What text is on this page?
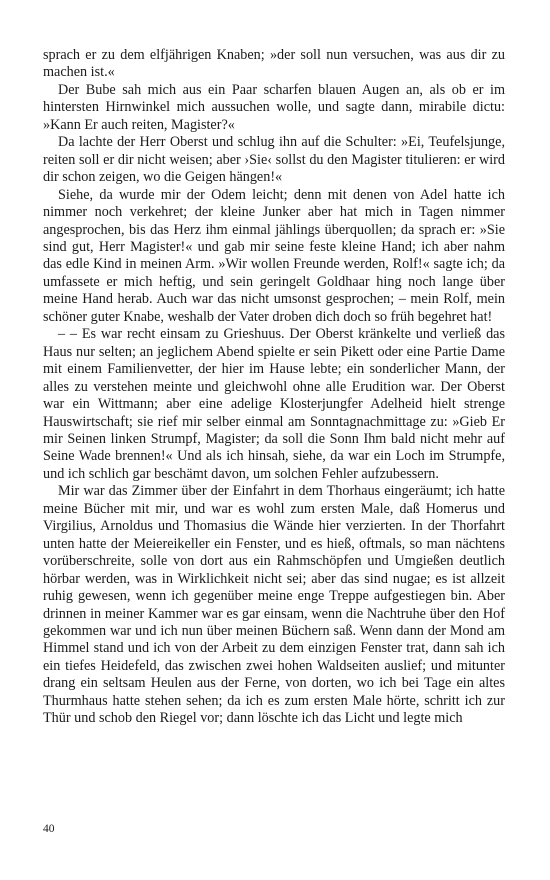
sprach er zu dem elfjährigen Knaben; »der soll nun versuchen, was aus dir zu machen ist.«

Der Bube sah mich aus ein Paar scharfen blauen Augen an, als ob er im hintersten Hirnwinkel mich aussuchen wolle, und sagte dann, mirabile dictu: »Kann Er auch reiten, Magister?«

Da lachte der Herr Oberst und schlug ihn auf die Schulter: »Ei, Teufelsjunge, reiten soll er dir nicht weisen; aber ›Sie‹ sollst du den Magister titulieren: er wird dir schon zeigen, wo die Geigen hängen!«

Siehe, da wurde mir der Odem leicht; denn mit denen von Adel hatte ich nimmer noch verkehret; der kleine Junker aber hat mich in Tagen nimmer angesprochen, bis das Herz ihm einmal jählings überquollen; da sprach er: »Sie sind gut, Herr Magister!« und gab mir seine feste kleine Hand; ich aber nahm das edle Kind in meinen Arm. »Wir wollen Freunde werden, Rolf!« sagte ich; da umfassete er mich heftig, und sein geringelt Goldhaar hing noch lange über meine Hand herab. Auch war das nicht umsonst gesprochen; – mein Rolf, mein schöner guter Knabe, weshalb der Vater droben dich doch so früh begehret hat!

– – Es war recht einsam zu Grieshuus. Der Oberst kränkelte und verließ das Haus nur selten; an jeglichem Abend spielte er sein Pikett oder eine Partie Dame mit einem Familienvetter, der hier im Hause lebte; ein sonderlicher Mann, der alles zu verstehen meinte und gleichwohl ohne alle Erudition war. Der Oberst war ein Wittmann; aber eine adelige Klosterjungfer Adelheid hielt strenge Hauswirtschaft; sie rief mir selber einmal am Sonntagnachmittage zu: »Gieb Er mir Seinen linken Strumpf, Magister; da soll die Sonn Ihm bald nicht mehr auf Seine Wade brennen!« Und als ich hinsah, siehe, da war ein Loch im Strumpfe, und ich schlich gar beschämt davon, um solchen Fehler aufzubessern.

Mir war das Zimmer über der Einfahrt in dem Thorhaus eingeräumt; ich hatte meine Bücher mit mir, und war es wohl zum ersten Male, daß Homerus und Virgilius, Arnoldus und Thomasius die Wände hier verzierten. In der Thorfahrt unten hatte der Meiereikeller ein Fenster, und es hieß, oftmals, so man nächtens vorüberschreite, solle von dort aus ein Rahmschöpfen und Umgießen deutlich hörbar werden, was in Wirklichkeit nicht sei; aber das sind nugae; es ist allzeit ruhig gewesen, wenn ich gegenüber meine enge Treppe aufgestiegen bin. Aber drinnen in meiner Kammer war es gar einsam, wenn die Nachtruhe über den Hof gekommen war und ich nun über meinen Büchern saß. Wenn dann der Mond am Himmel stand und ich von der Arbeit zu dem einzigen Fenster trat, dann sah ich ein tiefes Heidefeld, das zwischen zwei hohen Waldseiten auslief; und mitunter drang ein seltsam Heulen aus der Ferne, von dorten, wo ich bei Tage ein altes Thurmhaus hatte stehen sehen; da ich es zum ersten Male hörte, schritt ich zur Thür und schob den Riegel vor; dann löschte ich das Licht und legte mich

40
